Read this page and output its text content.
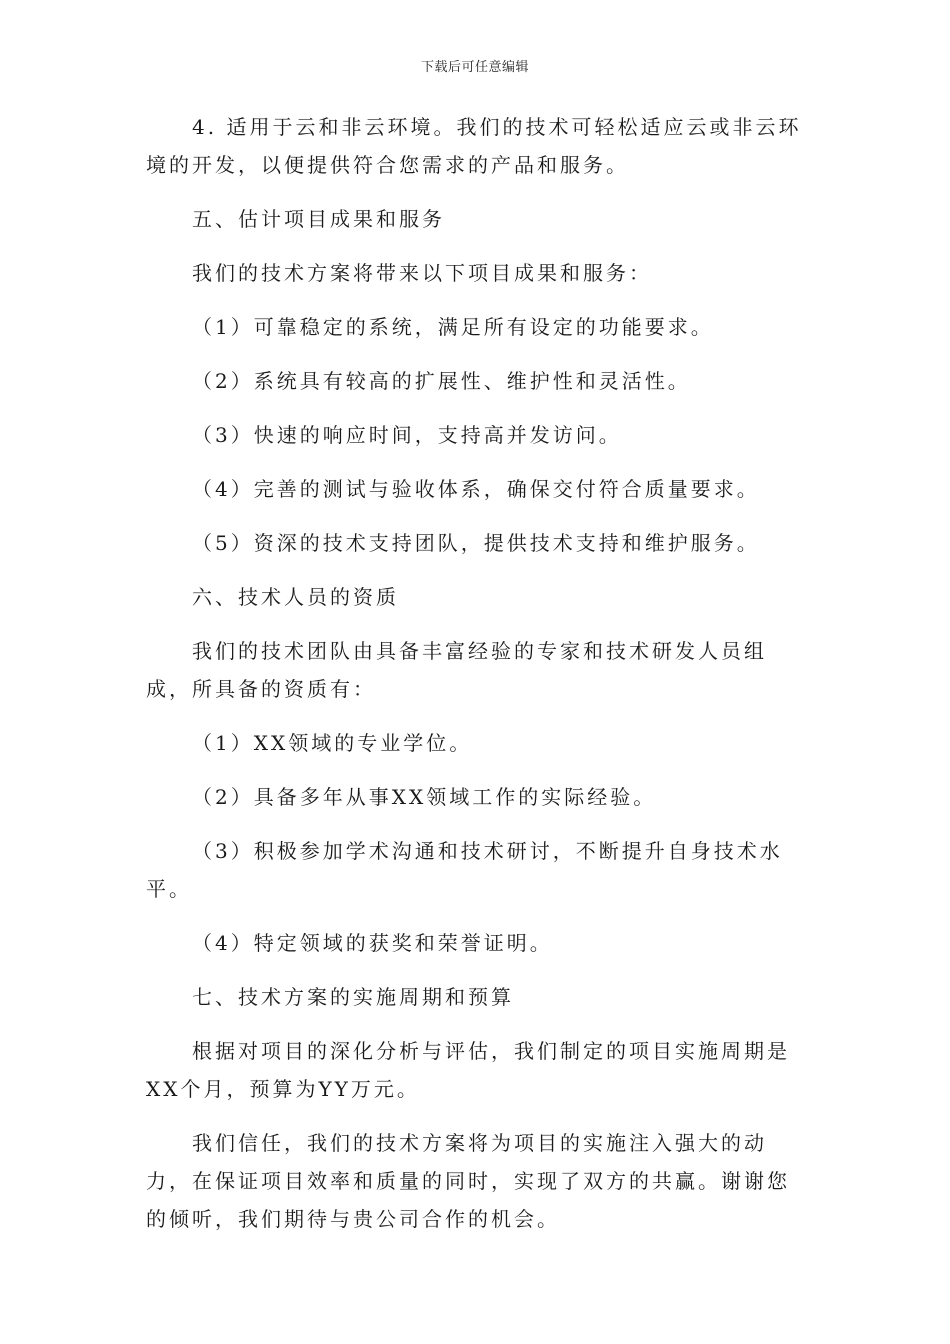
下载后可任意编辑

4. 适用于云和非云环境。我们的技术可轻松适应云或非云环境的开发，以便提供符合您需求的产品和服务。

五、估计项目成果和服务

我们的技术方案将带来以下项目成果和服务：

（1）可靠稳定的系统，满足所有设定的功能要求。

（2）系统具有较高的扩展性、维护性和灵活性。

（3）快速的响应时间，支持高并发访问。

（4）完善的测试与验收体系，确保交付符合质量要求。

（5）资深的技术支持团队，提供技术支持和维护服务。

六、技术人员的资质

我们的技术团队由具备丰富经验的专家和技术研发人员组成，所具备的资质有：

（1）XX领域的专业学位。

（2）具备多年从事XX领域工作的实际经验。

（3）积极参加学术沟通和技术研讨，不断提升自身技术水平。

（4）特定领域的获奖和荣誉证明。

七、技术方案的实施周期和预算

根据对项目的深化分析与评估，我们制定的项目实施周期是XX个月，预算为YY万元。

我们信任，我们的技术方案将为项目的实施注入强大的动力，在保证项目效率和质量的同时，实现了双方的共赢。谢谢您的倾听，我们期待与贵公司合作的机会。
